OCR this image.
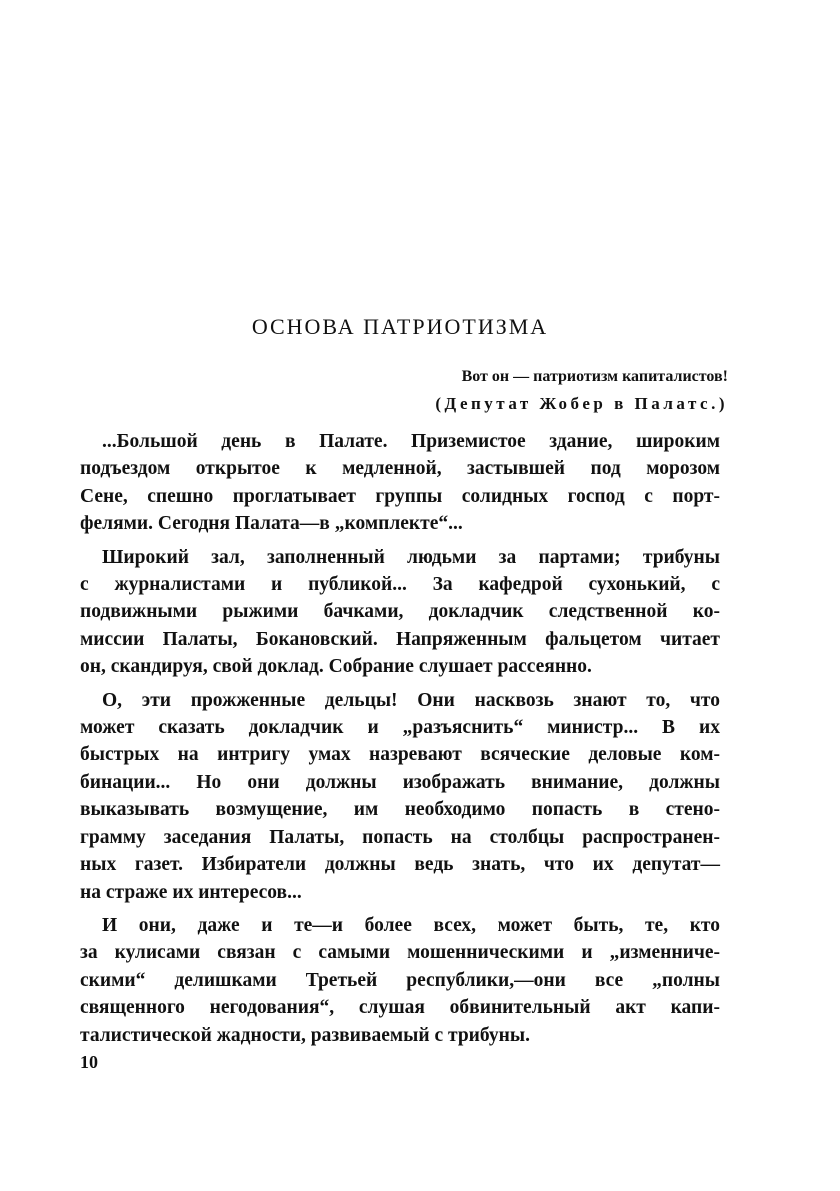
ОСНОВА ПАТРИОТИЗМА
Вот он — патриотизм капиталистов!
(Депутат Жобер в Палатс.)

...Большой день в Палате. Приземистое здание, широким
подъездом открытое к медленной, застывшей под морозом
Сене, спешно проглатывает группы солидных господ с порт-
фелями. Сегодня Палата—в „комплекте“...

Широкий зал, заполненный людьми за партами; трибуны
с журналистами и публикой... За кафедрой сухонький, с
подвижными рыжими бачками, докладчик следственной ко-
миссии Палаты, Бокановский. Напряженным фальцетом читает
он, скандируя, свой доклад. Собрание слушает рассеянно.

О, эти прожженные дельцы! Они насквозь знают то, что
может сказать докладчик и „разъяснить“ министр... В их
быстрых на интригу умах назревают всяческие деловые ком-
бинации... Но они должны изображать внимание, должны
выказывать возмущение, им необходимо попасть в стено-
грамму заседания Палаты, попасть на столбцы распространен-
ных газет. Избиратели должны ведь знать, что их депутат—
на страже их интересов...

И они, даже и те—и более всех, может быть, те, кто
за кулисами связан с самыми мошенническими и „изменниче-
скими“ делишками Третьей республики,—они все „полны
священного негодования“, слушая обвинительный акт капи-
талистической жадности, развиваемый с трибуны.

10
